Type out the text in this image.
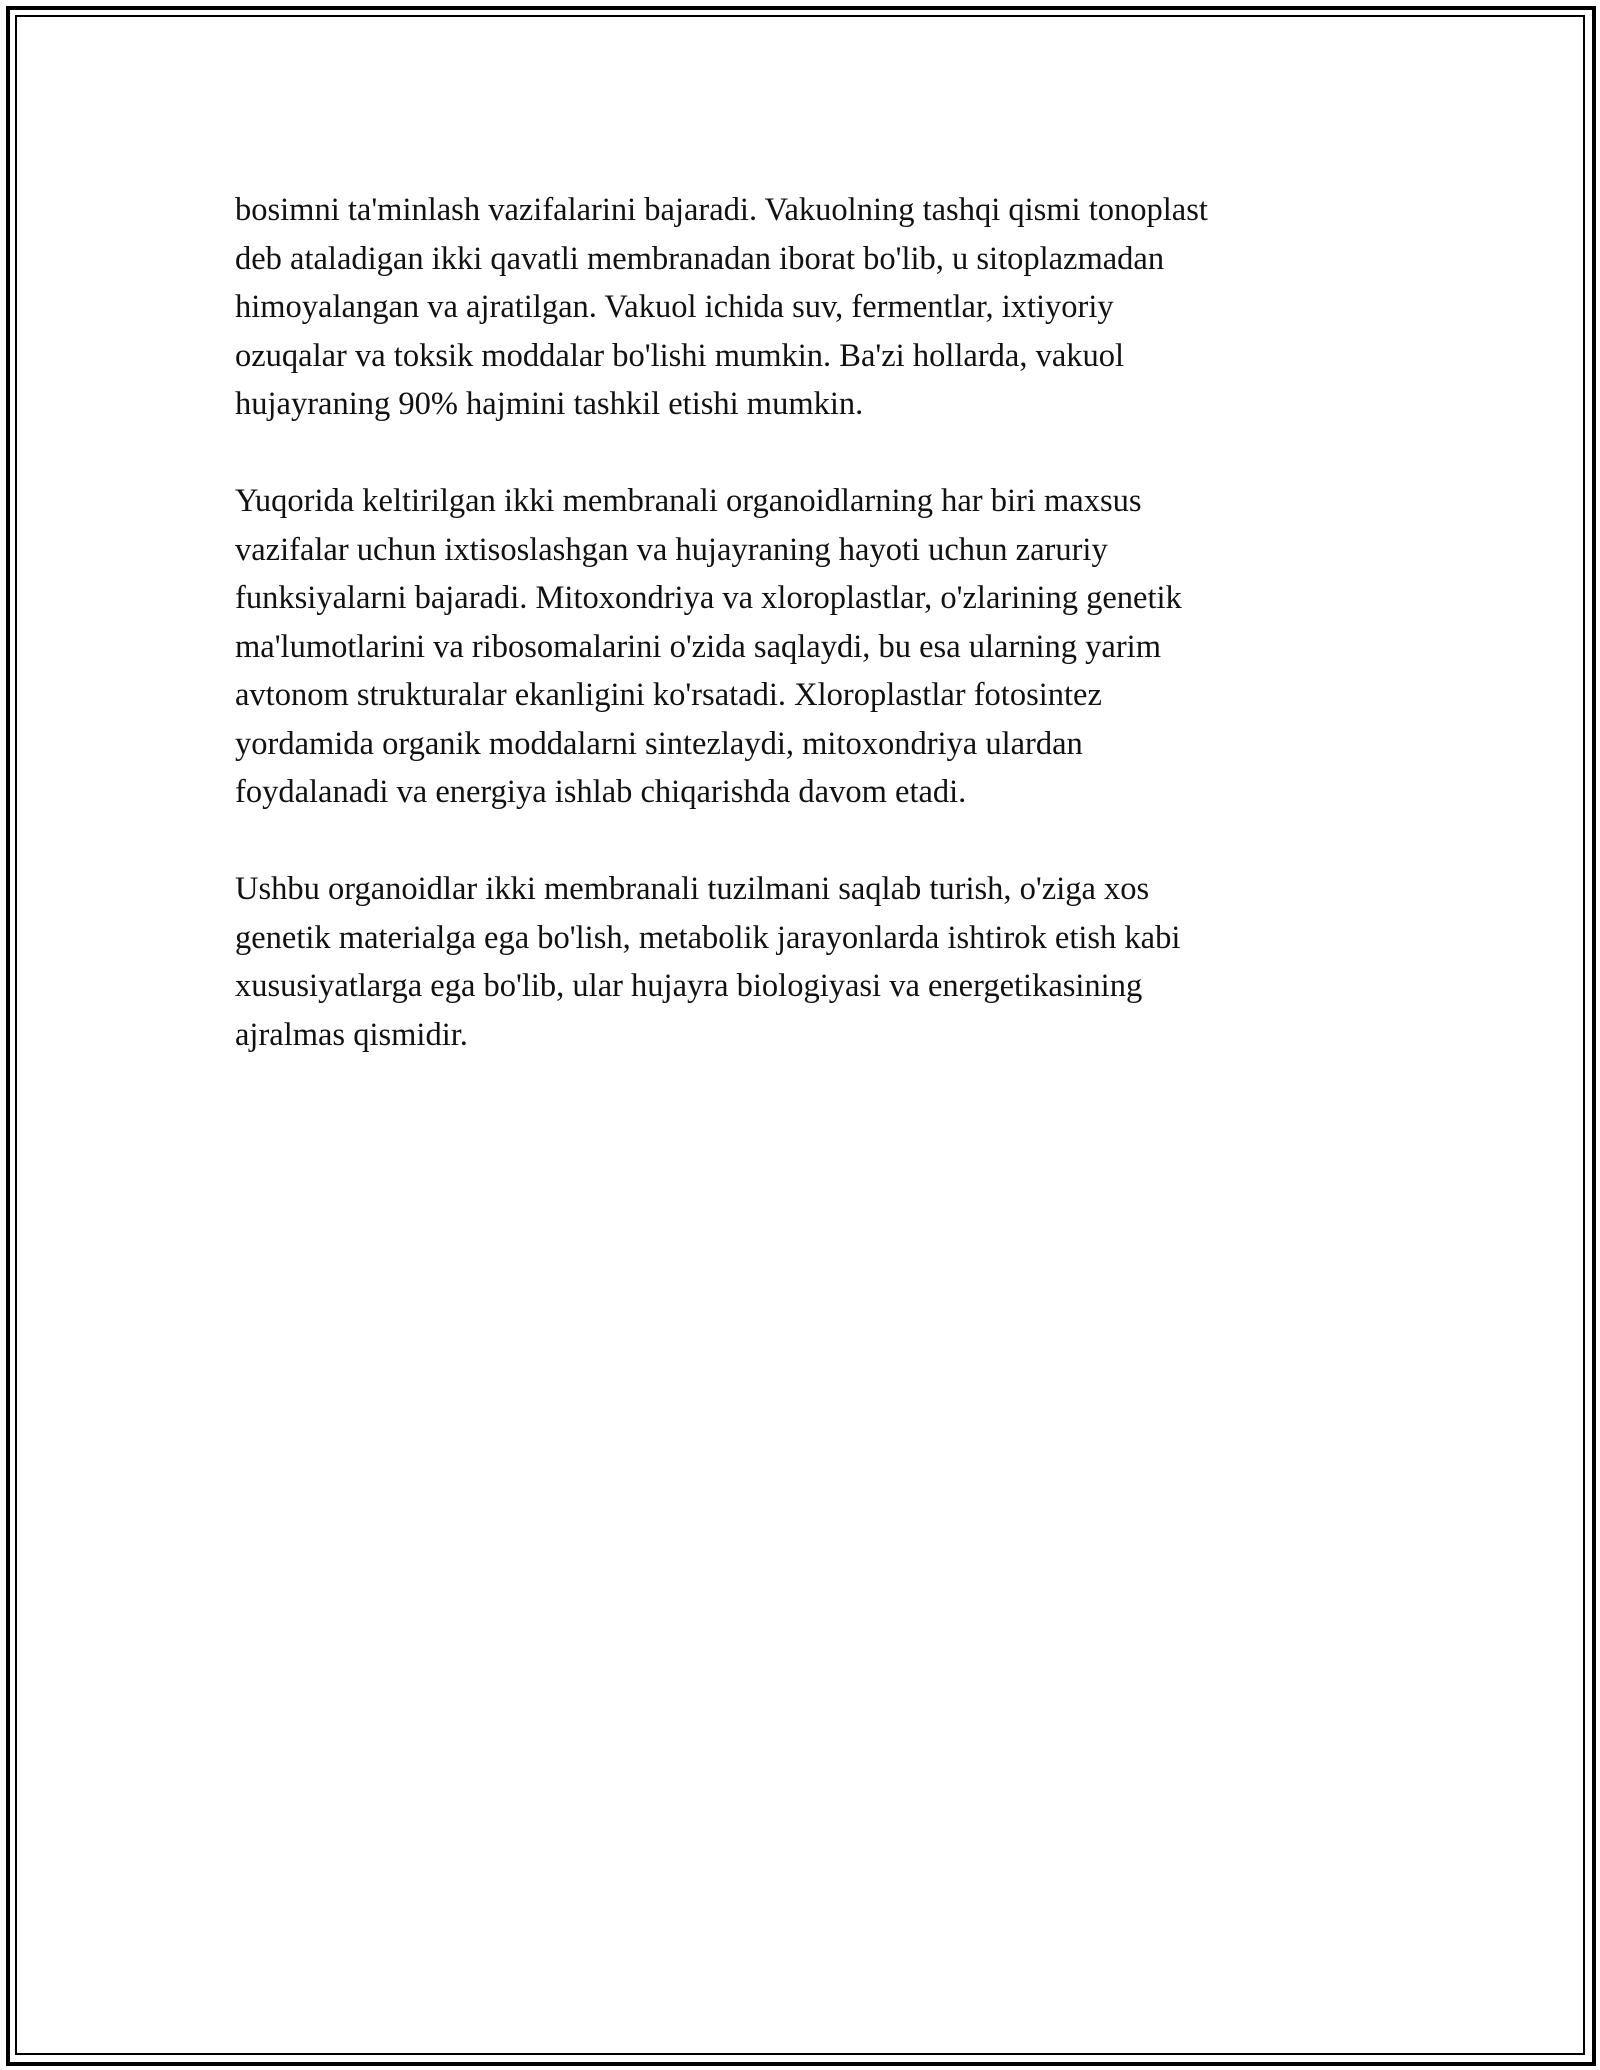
bosimni ta'minlash vazifalarini bajaradi. Vakuolning tashqi qismi tonoplast
deb ataladigan ikki qavatli membranadan iborat bo'lib, u sitoplazmadan
himoyalangan va ajratilgan. Vakuol ichida suv, fermentlar, ixtiyoriy
ozuqalar va toksik moddalar bo'lishi mumkin. Ba'zi hollarda, vakuol
hujayraning 90% hajmini tashkil etishi mumkin.

Yuqorida keltirilgan ikki membranali organoidlarning har biri maxsus
vazifalar uchun ixtisoslashgan va hujayraning hayoti uchun zaruriy
funksiyalarni bajaradi. Mitoxondriya va xloroplastlar, o'zlarining genetik
ma'lumotlarini va ribosomalarini o'zida saqlaydi, bu esa ularning yarim
avtonom strukturalar ekanligini ko'rsatadi. Xloroplastlar fotosintez
yordamida organik moddalarni sintezlaydi, mitoxondriya ulardan
foydalanadi va energiya ishlab chiqarishda davom etadi.

Ushbu organoidlar ikki membranali tuzilmani saqlab turish, o'ziga xos
genetik materialga ega bo'lish, metabolik jarayonlarda ishtirok etish kabi
xususiyatlarga ega bo'lib, ular hujayra biologiyasi va energetikasining
ajralmas qismidir.
